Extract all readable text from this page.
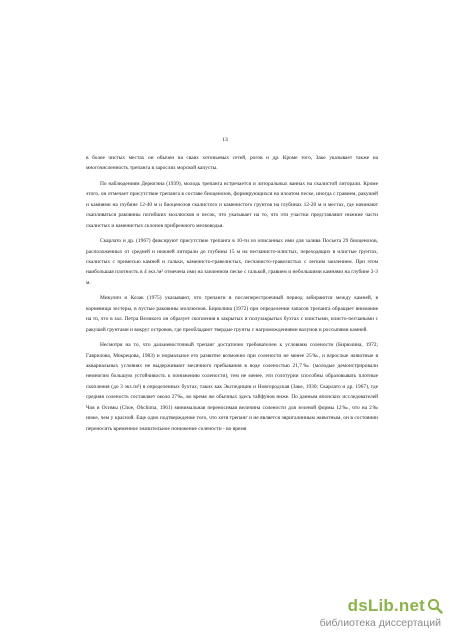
13

в более чистых местах он обычен на сваях хотоньевых сетей, рогов и др. Кроме того, Заке указывает также на многочисленность трепанга в зарослях морской капусты.

По наблюдениям Дерюгина (1939), молодь трепанга встречается и литоральных ваннах на скалистой литорали. Кроме этого, он отмечает присутствие трепанга в составе биоценозов, формирующихся на илоатом песке, иногда с гравием, ракушей и камнями на глубине 12-40 м и биоценозов скалистого и каменистого грунтов на глубинах 12-20 м и местах, где начинают скапливаться раковины погибших моллюсков и песок, что указывает на то, что эти участки представляют нижние части скалистых и каменистых склонов прибрежного мелководья.

Скарлато и др. (1967) фиксируют присутствие трепанга в 10-ти из описанных ими для залива Посьета 29 биоценозов, расположенных от средней и нижней литорали до глубины 15 м на песчанисто-илистых, переходящих в илистые грунтах, скалистых с примесью камней и гальки, каменисто-гравелистых, песчанисто-гравелистых с легким заилением. При этом наибольшая плотность в 4 экз./м² отмечена ими на заиленном песке с галькой, гравием и небольшими камнями на глубине 2-3 м.

Микулич и Козак (1975) указывают, что трепанги в послеперестроечный период забираются между камней, в корневища зостеры, в пустые раковины моллюсков. Бирюлина (1972) при определении запасов трепанга обращает внимание на то, что в зал. Петра Великого он образует скопления в закрытых и полузакрытых бухтах с илистыми, илисто-песчаными с ракушей грунтами и вокруг островов, где преобладают твердые грунты с нагромождениями валунов и россыпями камней.

Несмотря на то, что дальневосточный трепанг достаточно требователен к условиям солености (Бирюлина, 1972; Гаврилова, Мокрецова, 1983) и нормальное его развитие возможно при солености не менее 25‰, и взрослые животные в аквариальных условиях не выдерживают месячного пребывания в воде соленостью 21,7‰ (молодые демонстрировали немногим большую устойчивость к понижению солености), тем не менее, эти голотурии способны образовывать плотные скопления (до 3 экз./м²) в определенных бухтах, таких как Экспедиции и Новгородская (Заке, 1930; Скарлато и др. 1967), где средняя соленость составляет около 27‰, во время же обычных здесь тайфунов ниже. По данным японских исследователей Чоя и Осимы (Choe, Ohchima, 1961) минимальная переносимая величина солености для зеленой формы 12‰, что на 2‰ ниже, чем у красной. Еще одно подтверждение того, что хотя трепанг и не является эвригалинным животным, он в состоянии переносить временное значительное понижение солености - во время

dsLib.net
библиотека диссертаций
